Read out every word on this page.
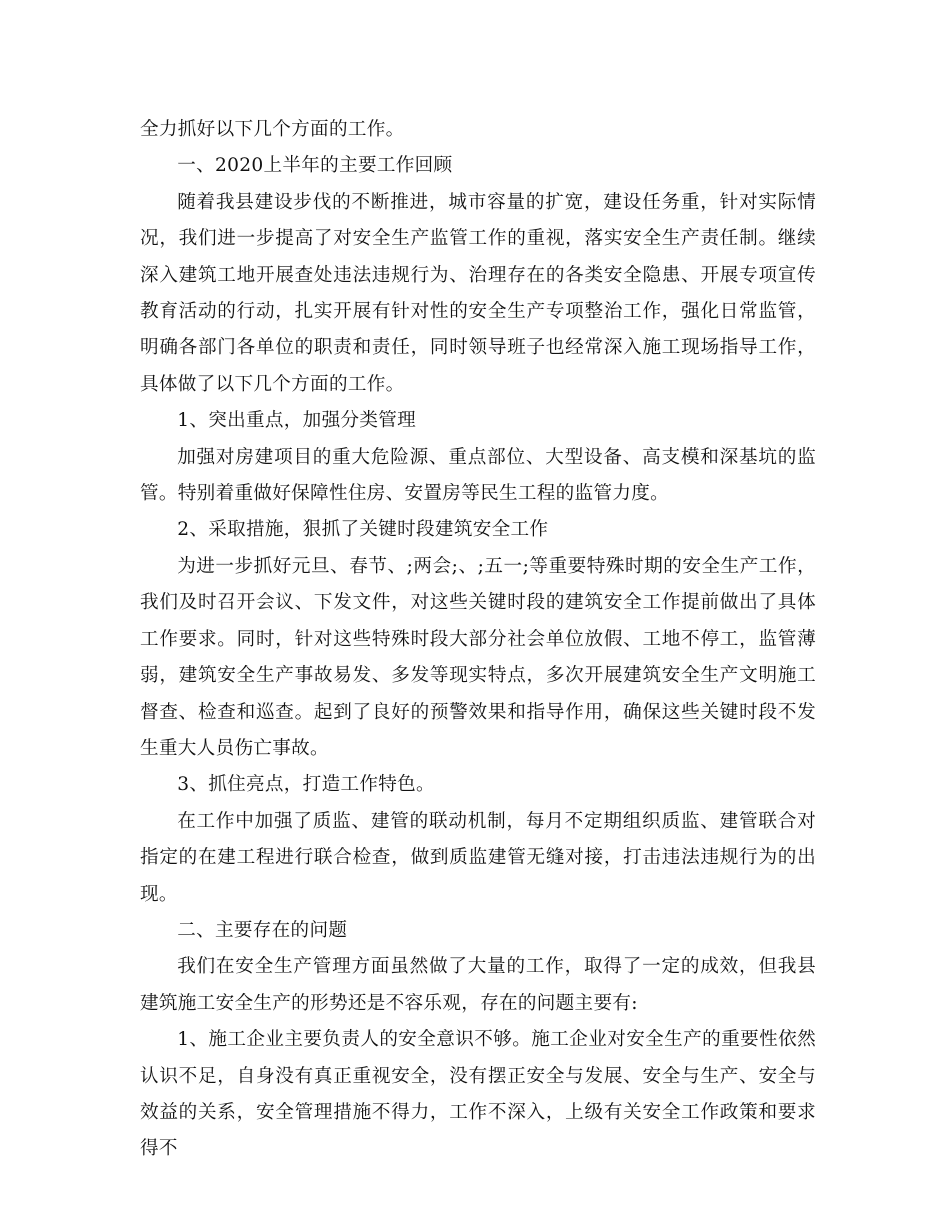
全力抓好以下几个方面的工作。

一、2020上半年的主要工作回顾

随着我县建设步伐的不断推进，城市容量的扩宽，建设任务重，针对实际情况，我们进一步提高了对安全生产监管工作的重视，落实安全生产责任制。继续深入建筑工地开展查处违法违规行为、治理存在的各类安全隐患、开展专项宣传教育活动的行动，扎实开展有针对性的安全生产专项整治工作，强化日常监管，明确各部门各单位的职责和责任，同时领导班子也经常深入施工现场指导工作，具体做了以下几个方面的工作。

1、突出重点，加强分类管理

加强对房建项目的重大危险源、重点部位、大型设备、高支模和深基坑的监管。特别着重做好保障性住房、安置房等民生工程的监管力度。

2、采取措施，狠抓了关键时段建筑安全工作

为进一步抓好元旦、春节、;两会;、;五一;等重要特殊时期的安全生产工作，我们及时召开会议、下发文件，对这些关键时段的建筑安全工作提前做出了具体工作要求。同时，针对这些特殊时段大部分社会单位放假、工地不停工，监管薄弱，建筑安全生产事故易发、多发等现实特点，多次开展建筑安全生产文明施工督查、检查和巡查。起到了良好的预警效果和指导作用，确保这些关键时段不发生重大人员伤亡事故。

3、抓住亮点，打造工作特色。

在工作中加强了质监、建管的联动机制，每月不定期组织质监、建管联合对指定的在建工程进行联合检查，做到质监建管无缝对接，打击违法违规行为的出现。

二、主要存在的问题

我们在安全生产管理方面虽然做了大量的工作，取得了一定的成效，但我县建筑施工安全生产的形势还是不容乐观，存在的问题主要有:

1、施工企业主要负责人的安全意识不够。施工企业对安全生产的重要性依然认识不足，自身没有真正重视安全，没有摆正安全与发展、安全与生产、安全与效益的关系，安全管理措施不得力，工作不深入，上级有关安全工作政策和要求得不
